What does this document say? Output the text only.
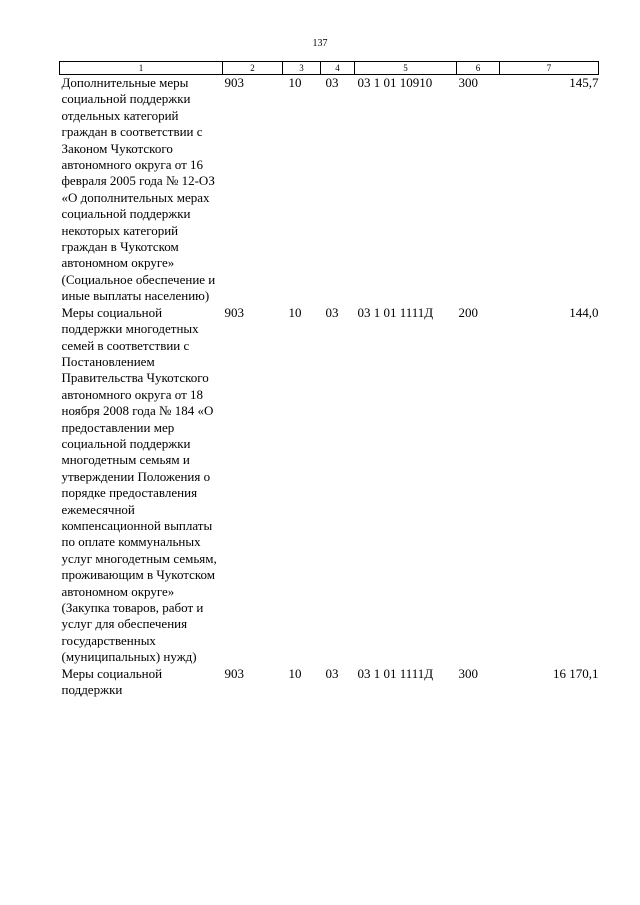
137
1	2	3	4	5	6	7
Дополнительные меры социальной поддержки отдельных категорий граждан в соответствии с Законом Чукотского автономного округа от 16 февраля 2005 года № 12-ОЗ «О дополнительных мерах социальной поддержки некоторых категорий граждан в Чукотском автономном округе» (Социальное обеспечение и иные выплаты населению)	903	10	03	03 1 01 10910	300	145,7
Меры социальной поддержки многодетных семей в соответствии с Постановлением Правительства Чукотского автономного округа от 18 ноября 2008 года № 184 «О предоставлении мер социальной поддержки многодетным семьям и утверждении Положения о порядке предоставления ежемесячной компенсационной выплаты по оплате коммунальных услуг многодетным семьям, проживающим в Чукотском автономном округе» (Закупка товаров, работ и услуг для обеспечения государственных (муниципальных) нужд)	903	10	03	03 1 01 1111Д	200	144,0
Меры социальной поддержки	903	10	03	03 1 01 1111Д	300	16 170,1
